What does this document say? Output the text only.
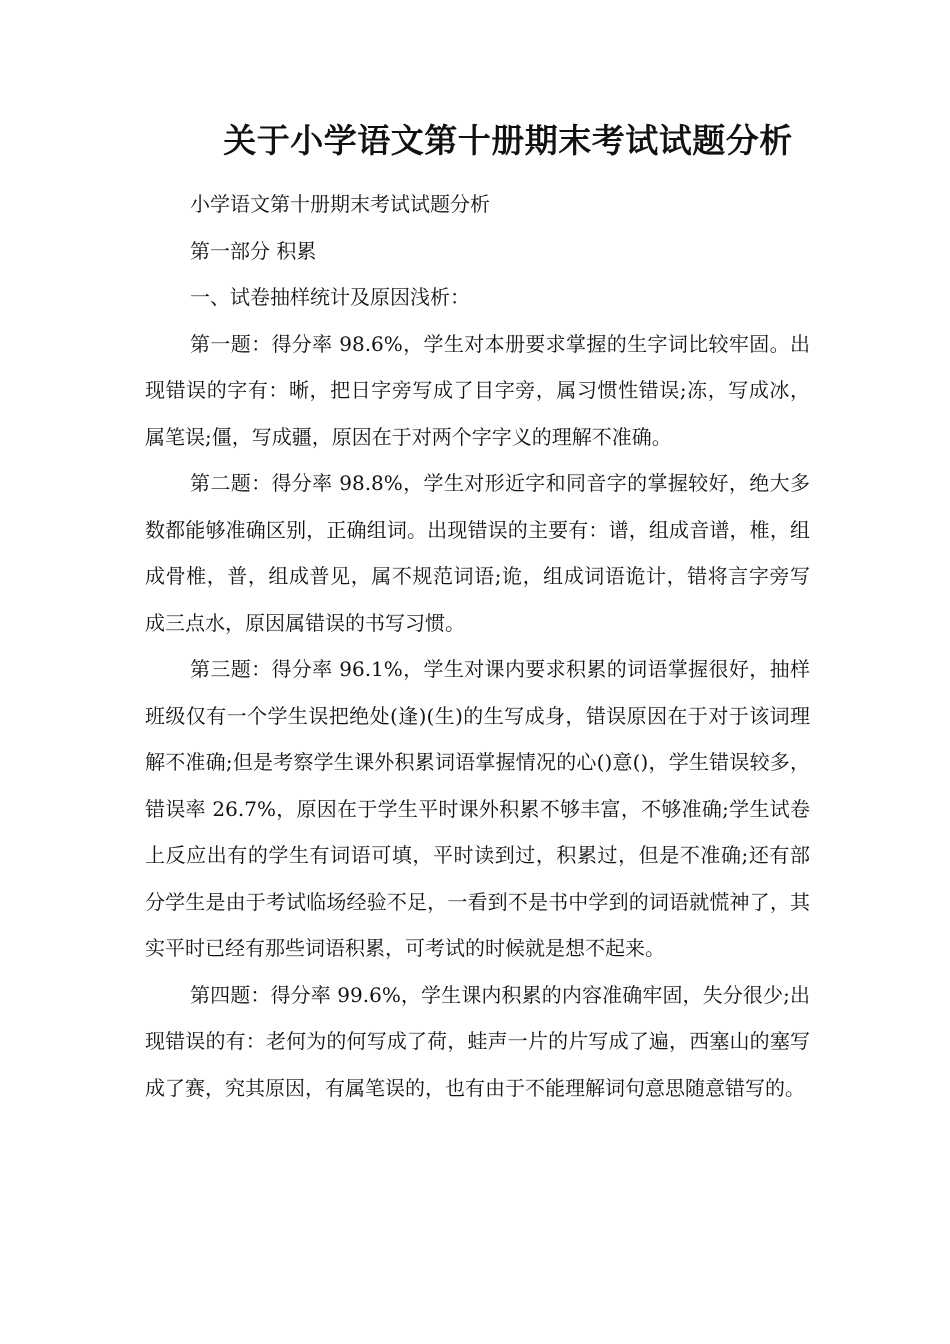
关于小学语文第十册期末考试试题分析

小学语文第十册期末考试试题分析

第一部分 积累

一、试卷抽样统计及原因浅析：

第一题：得分率 98.6%，学生对本册要求掌握的生字词比较牢固。出现错误的字有：晰，把日字旁写成了目字旁，属习惯性错误;冻，写成冰，属笔误;僵，写成疆，原因在于对两个字字义的理解不准确。

第二题：得分率 98.8%，学生对形近字和同音字的掌握较好，绝大多数都能够准确区别，正确组词。出现错误的主要有：谱，组成音谱，椎，组成骨椎，普，组成普见，属不规范词语;诡，组成词语诡计，错将言字旁写成三点水，原因属错误的书写习惯。

第三题：得分率 96.1%，学生对课内要求积累的词语掌握很好，抽样班级仅有一个学生误把绝处(逢)(生)的生写成身，错误原因在于对于该词理解不准确;但是考察学生课外积累词语掌握情况的心()意()，学生错误较多，错误率 26.7%，原因在于学生平时课外积累不够丰富，不够准确;学生试卷上反应出有的学生有词语可填，平时读到过，积累过，但是不准确;还有部分学生是由于考试临场经验不足，一看到不是书中学到的词语就慌神了，其实平时已经有那些词语积累，可考试的时候就是想不起来。

第四题：得分率 99.6%，学生课内积累的内容准确牢固，失分很少;出现错误的有：老何为的何写成了荷，蛙声一片的片写成了遍，西塞山的塞写成了赛，究其原因，有属笔误的，也有由于不能理解词句意思随意错写的。
